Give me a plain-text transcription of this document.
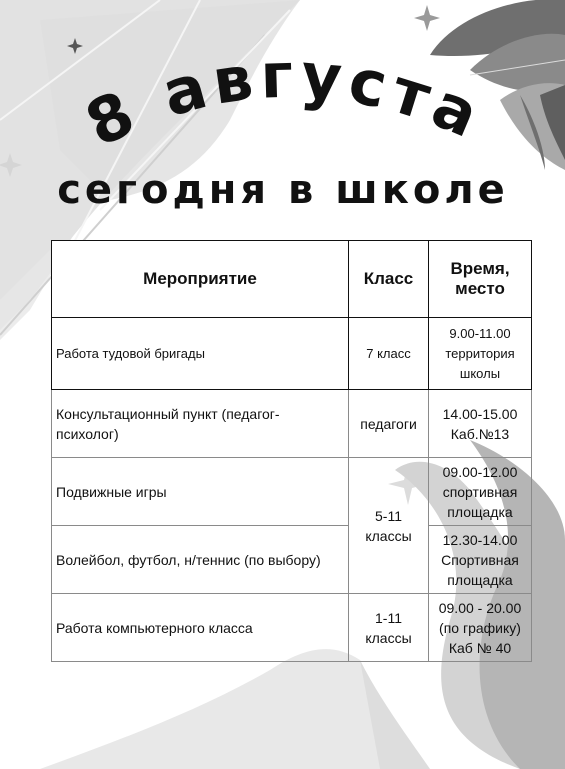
8 августа
сегодня в школе
Мероприятие	Класс	Время,
место

Работа тудовой бригады	7 класс	9.00-11.00
территория
школы

Консультационный пункт (педагог-психолог)	педагоги	14.00-15.00
Каб.№13

Подвижные игры	5-11 классы	09.00-12.00
спортивная
площадка

Волейбол, футбол, н/теннис (по выбору)		12.30-14.00
Спортивная
площадка

Работа компьютерного класса	1-11 классы	09.00 - 20.00
(по графику)
Каб № 40
